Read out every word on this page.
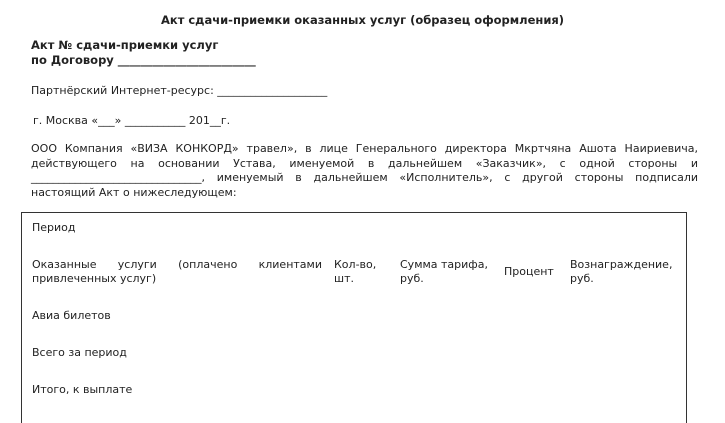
Акт сдачи-приемки оказанных услуг (образец оформления)
Акт № сдачи-приемки услуг
по Договору ________________________
Партнёрский Интернет-ресурс: ____________________
г. Москва «___» ___________ 201__г.
ООО Компания «ВИЗА КОНКОРД» травел», в лице Генерального директора Мкртчяна Ашота Наириевича, действующего на основании Устава, именуемой в дальнейшем «Заказчик», с одной стороны и _______________________________, именуемый в дальнейшем «Исполнитель», с другой стороны подписали настоящий Акт о нижеследующем:
Период
Оказанные услуги (оплачено клиентами привлеченных услуг)
Кол-во, шт.
Сумма тарифа, руб.
Процент
Вознаграждение, руб.
Авиа билетов
Всего за период
Итого, к выплате
